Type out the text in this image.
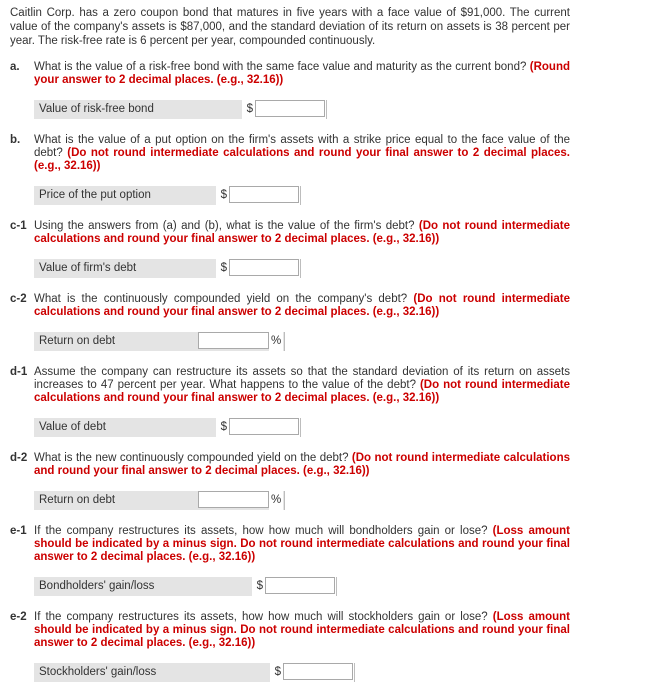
Caitlin Corp. has a zero coupon bond that matures in five years with a face value of $91,000. The current value of the company's assets is $87,000, and the standard deviation of its return on assets is 38 percent per year. The risk-free rate is 6 percent per year, compounded continuously.

a.	What is the value of a risk-free bond with the same face value and maturity as the current bond? (Round your answer to 2 decimal places. (e.g., 32.16))
Value of risk-free bond	$
b.	What is the value of a put option on the firm's assets with a strike price equal to the face value of the debt? (Do not round intermediate calculations and round your final answer to 2 decimal places. (e.g., 32.16))
Price of the put option	$
c-1 Using the answers from (a) and (b), what is the value of the firm's debt? (Do not round intermediate calculations and round your final answer to 2 decimal places. (e.g., 32.16))
Value of firm's debt	$
c-2 What is the continuously compounded yield on the company's debt? (Do not round intermediate calculations and round your final answer to 2 decimal places. (e.g., 32.16))
Return on debt	%
d-1 Assume the company can restructure its assets so that the standard deviation of its return on assets increases to 47 percent per year. What happens to the value of the debt? (Do not round intermediate calculations and round your final answer to 2 decimal places. (e.g., 32.16))
Value of debt	$
d-2 What is the new continuously compounded yield on the debt? (Do not round intermediate calculations and round your final answer to 2 decimal places. (e.g., 32.16))
Return on debt	%
e-1 If the company restructures its assets, how how much will bondholders gain or lose? (Loss amount should be indicated by a minus sign. Do not round intermediate calculations and round your final answer to 2 decimal places. (e.g., 32.16))
Bondholders' gain/loss	$
e-2 If the company restructures its assets, how how much will stockholders gain or lose? (Loss amount should be indicated by a minus sign. Do not round intermediate calculations and round your final answer to 2 decimal places. (e.g., 32.16))
Stockholders' gain/loss	$
